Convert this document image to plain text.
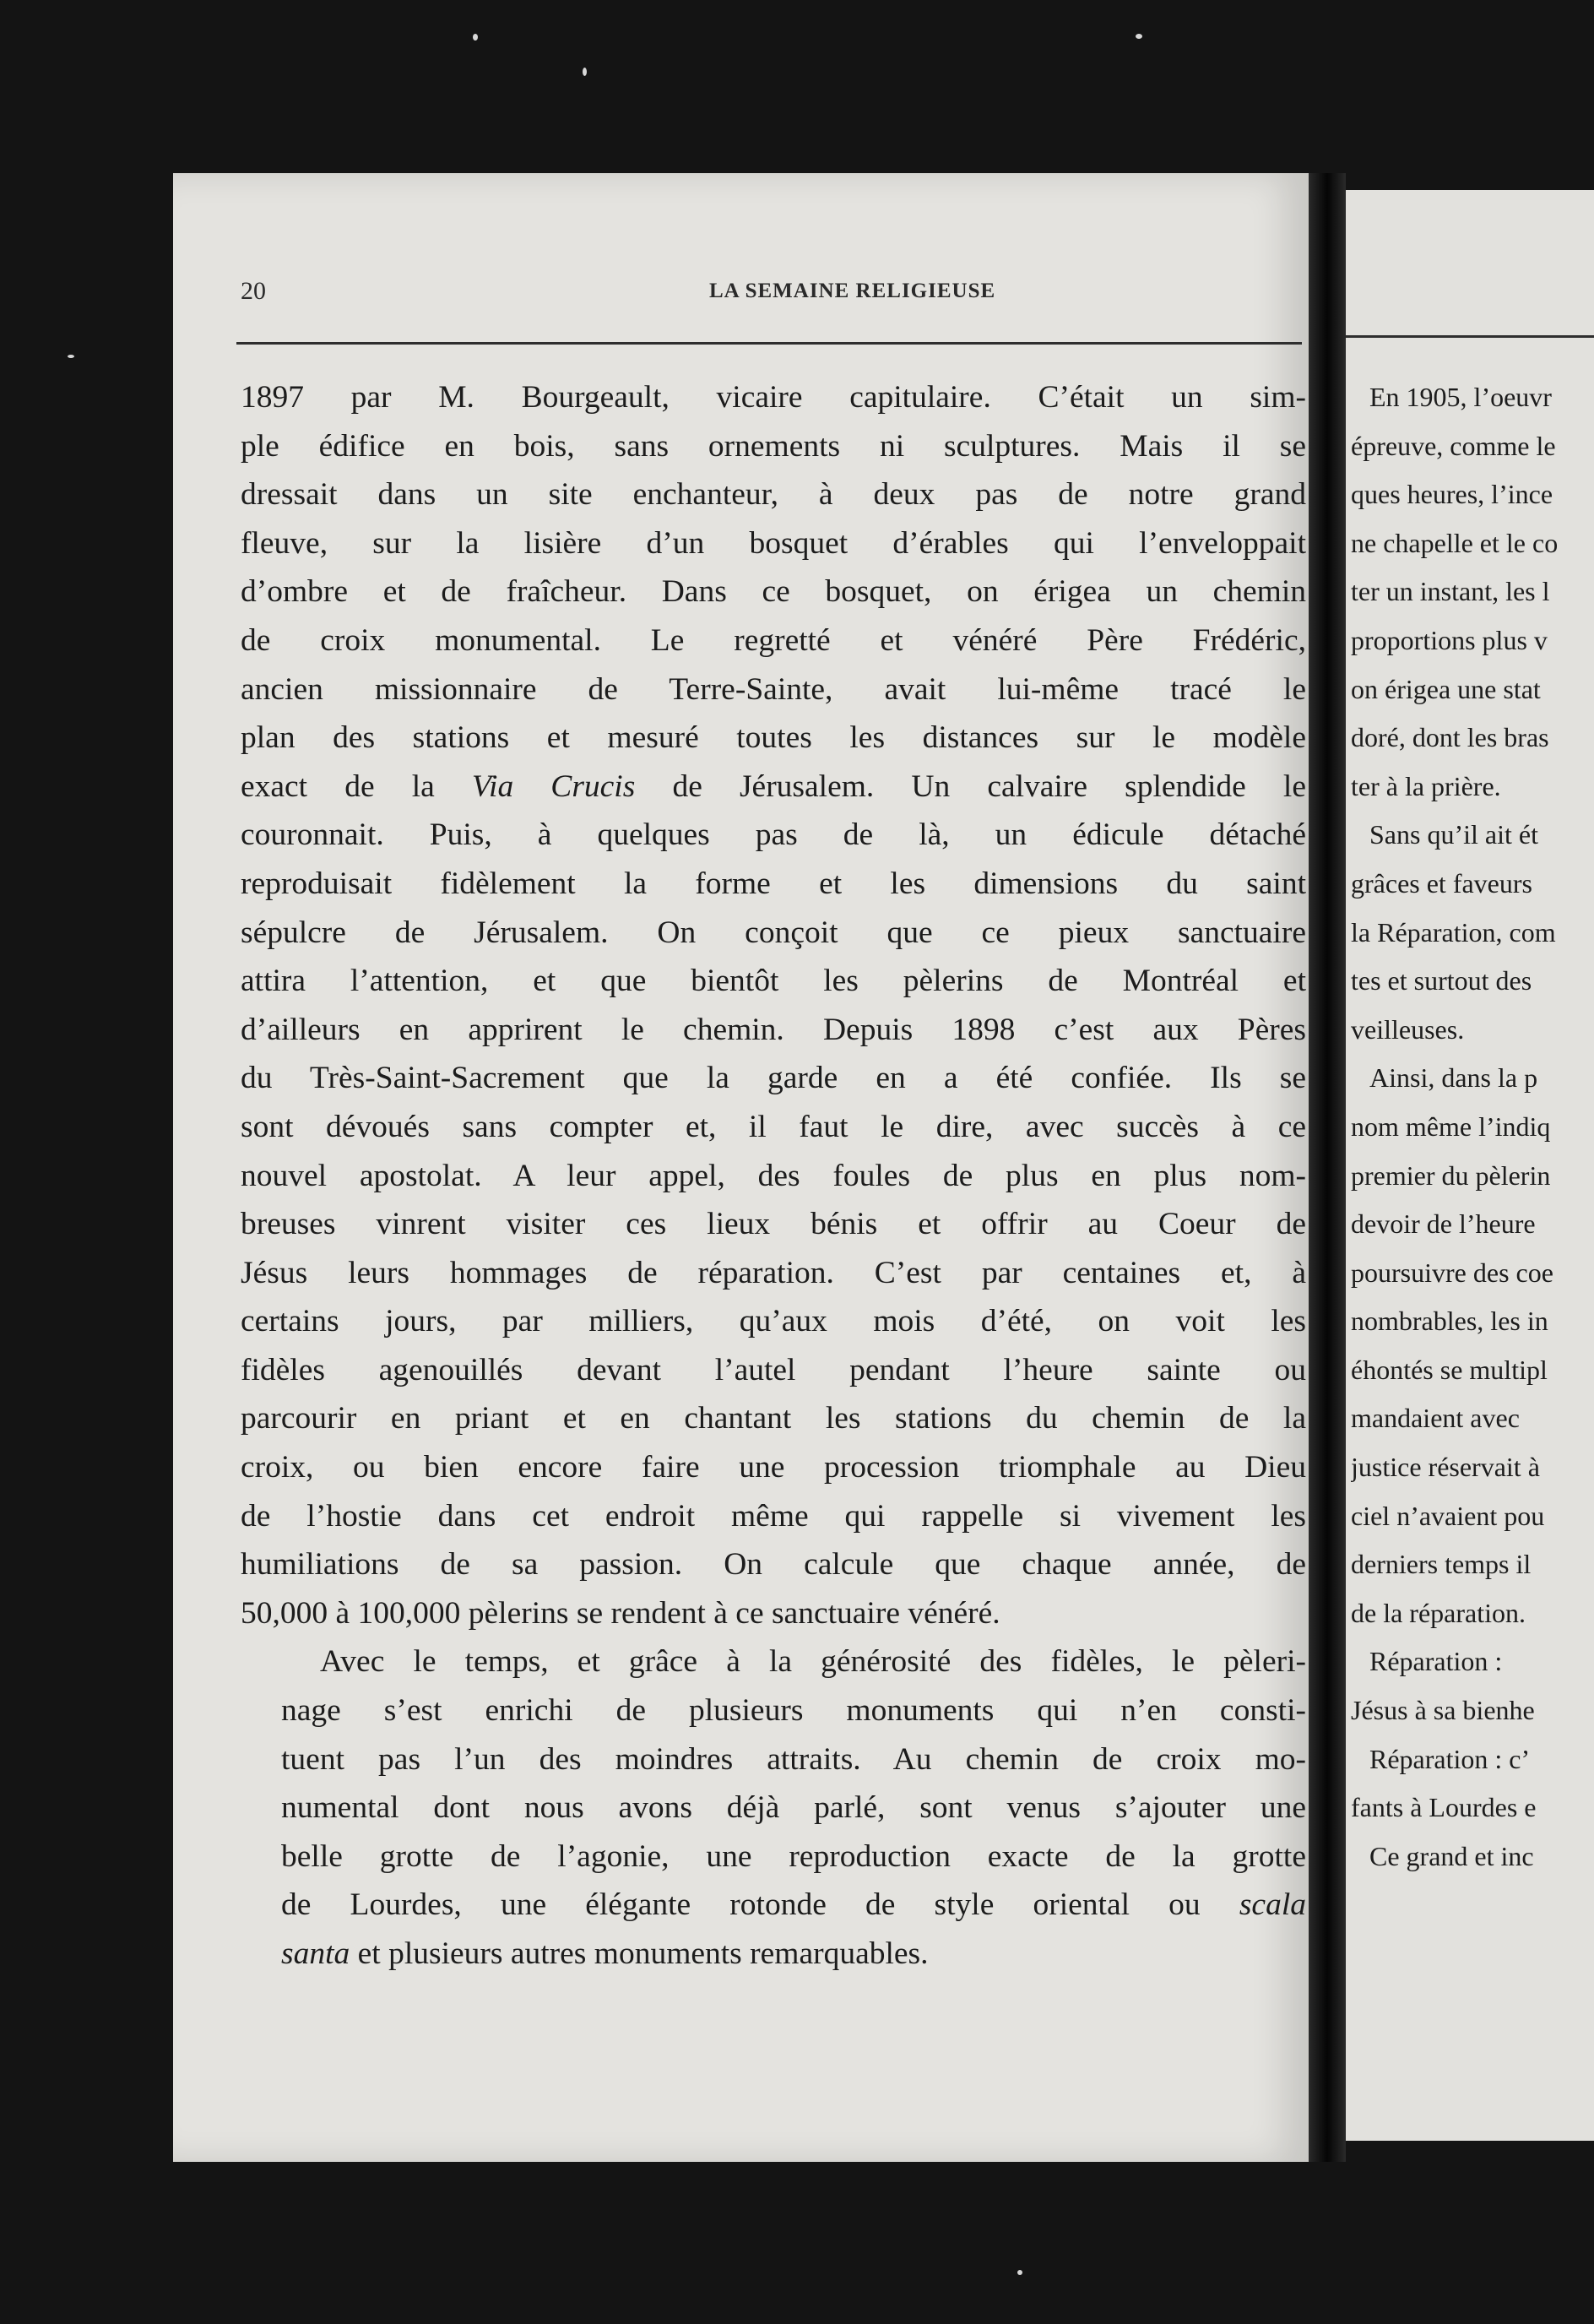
20	LA SEMAINE RELIGIEUSE

1897 par M. Bourgeault, vicaire capitulaire. C’était un sim-
ple édifice en bois, sans ornements ni sculptures. Mais il se
dressait dans un site enchanteur, à deux pas de notre grand
fleuve, sur la lisière d’un bosquet d’érables qui l’enveloppait
d’ombre et de fraîcheur. Dans ce bosquet, on érigea un chemin
de croix monumental. Le regretté et vénéré Père Frédéric,
ancien missionnaire de Terre-Sainte, avait lui-même tracé le
plan des stations et mesuré toutes les distances sur le modèle
exact de la Via Crucis de Jérusalem. Un calvaire splendide le
couronnait. Puis, à quelques pas de là, un édicule détaché
reproduisait fidèlement la forme et les dimensions du saint
sépulcre de Jérusalem. On conçoit que ce pieux sanctuaire
attira l’attention, et que bientôt les pèlerins de Montréal et
d’ailleurs en apprirent le chemin. Depuis 1898 c’est aux Pères
du Très-Saint-Sacrement que la garde en a été confiée. Ils se
sont dévoués sans compter et, il faut le dire, avec succès à ce
nouvel apostolat. A leur appel, des foules de plus en plus nom-
breuses vinrent visiter ces lieux bénis et offrir au Coeur de
Jésus leurs hommages de réparation. C’est par centaines et, à
certains jours, par milliers, qu’aux mois d’été, on voit les
fidèles agenouillés devant l’autel pendant l’heure sainte ou
parcourir en priant et en chantant les stations du chemin de la
croix, ou bien encore faire une procession triomphale au Dieu
de l’hostie dans cet endroit même qui rappelle si vivement les
humiliations de sa passion. On calcule que chaque année, de
50,000 à 100,000 pèlerins se rendent à ce sanctuaire vénéré.

Avec le temps, et grâce à la générosité des fidèles, le pèleri-
nage s’est enrichi de plusieurs monuments qui n’en consti-
tuent pas l’un des moindres attraits. Au chemin de croix mo-
numental dont nous avons déjà parlé, sont venus s’ajouter une
belle grotte de l’agonie, une reproduction exacte de la grotte
de Lourdes, une élégante rotonde de style oriental ou scala
santa et plusieurs autres monuments remarquables.

En 1905, l’oeuvr
épreuve, comme le
ques heures, l’ince
ne chapelle et le co
ter un instant, les l
proportions plus v
on érigea une stat
doré, dont les bras
ter à la prière.
Sans qu’il ait ét
grâces et faveurs
la Réparation, com
tes et surtout des
veilleuses.
Ainsi, dans la p
nom même l’indiq
premier du pèlerin
devoir de l’heure
poursuivre des coe
nombrables, les in
éhontés se multipl
mandaient avec
justice réservait à
ciel n’avaient pou
derniers temps il
de la réparation.
Réparation :
Jésus à sa bienhe
Réparation : c’
fants à Lourdes e
Ce grand et inc
